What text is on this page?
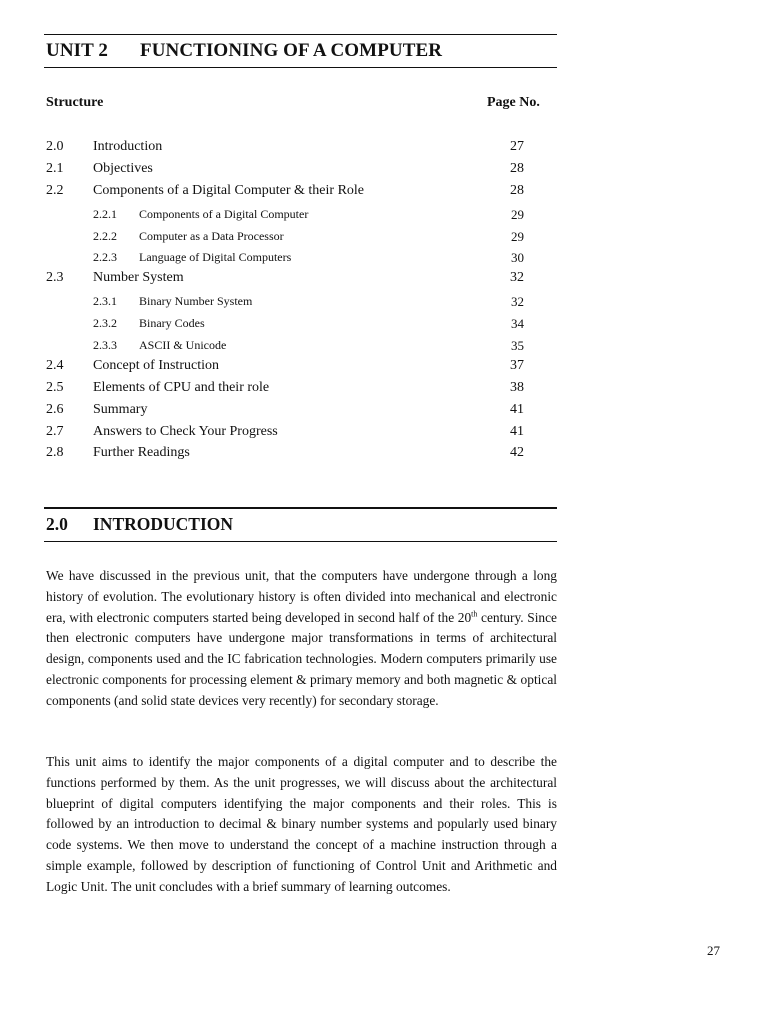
UNIT 2 FUNCTIONING OF A COMPUTER
Structure	Page No.
2.0 Introduction	27
2.1 Objectives	28
2.2 Components of a Digital Computer & their Role	28
2.2.1 Components of a Digital Computer	29
2.2.2 Computer as a Data Processor	29
2.2.3 Language of Digital Computers	30
2.3 Number System	32
2.3.1 Binary Number System	32
2.3.2 Binary Codes	34
2.3.3 ASCII & Unicode	35
2.4 Concept of Instruction	37
2.5 Elements of CPU and their role	38
2.6 Summary	41
2.7 Answers to Check Your Progress	41
2.8 Further Readings	42
2.0 INTRODUCTION

We have discussed in the previous unit, that the computers have undergone through a long history of evolution. The evolutionary history is often divided into mechanical and electronic era, with electronic computers started being developed in second half of the 20th century. Since then electronic computers have undergone major transformations in terms of architectural design, components used and the IC fabrication technologies. Modern computers primarily use electronic components for processing element & primary memory and both magnetic & optical components (and solid state devices very recently) for secondary storage.

This unit aims to identify the major components of a digital computer and to describe the functions performed by them. As the unit progresses, we will discuss about the architectural blueprint of digital computers identifying the major components and their roles. This is followed by an introduction to decimal & binary number systems and popularly used binary code systems. We then move to understand the concept of a machine instruction through a simple example, followed by description of functioning of Control Unit and Arithmetic and Logic Unit. The unit concludes with a brief summary of learning outcomes.

27
